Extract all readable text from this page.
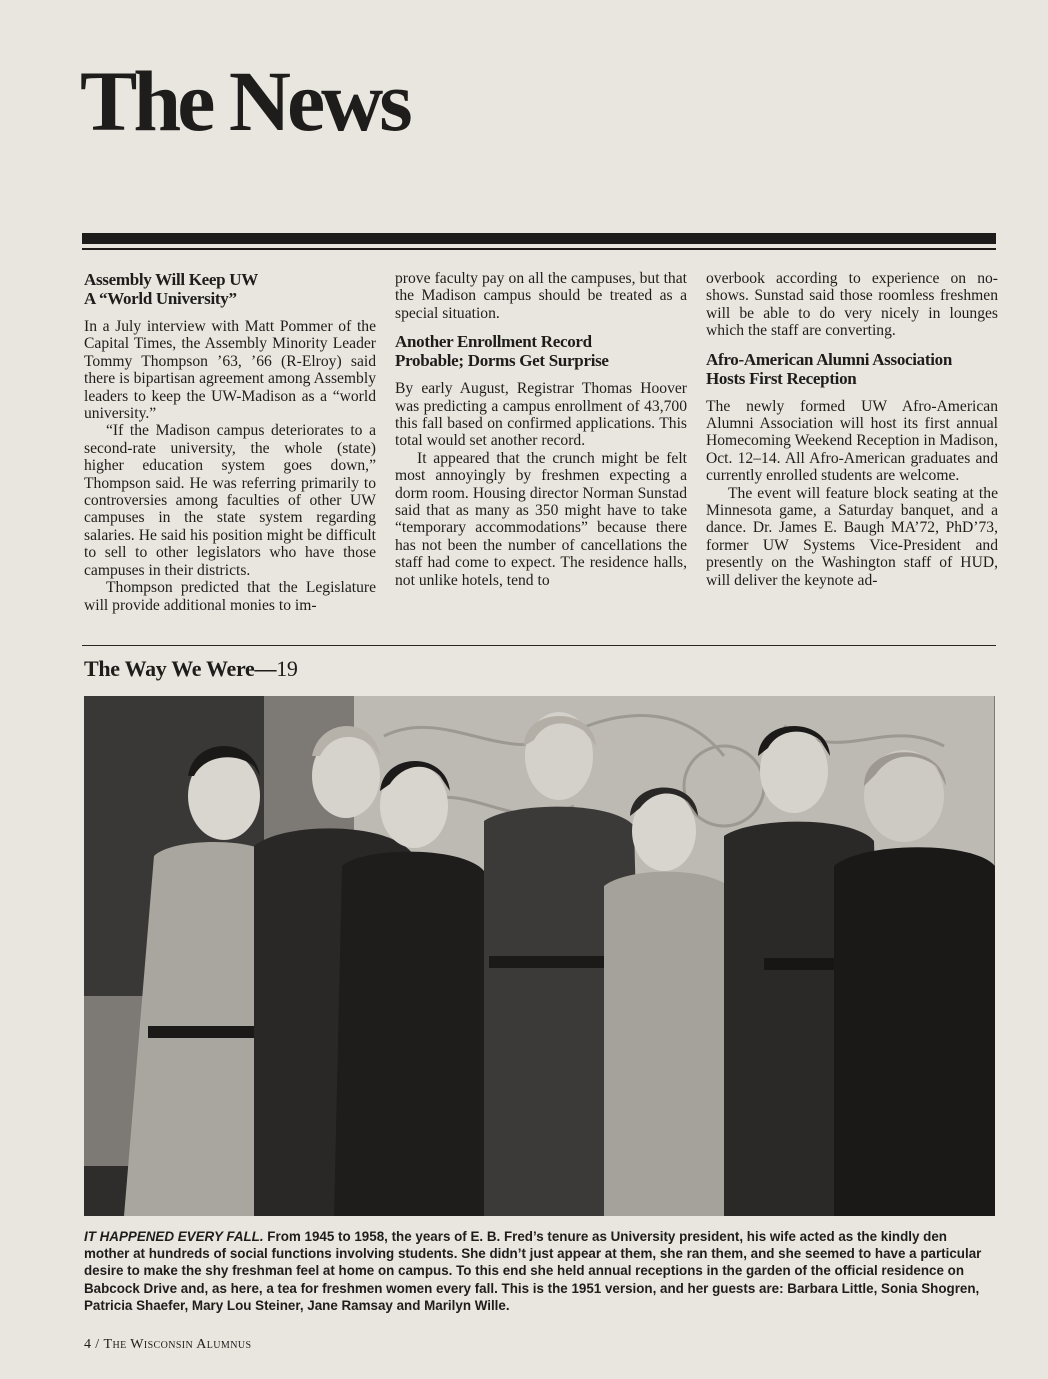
The News
Assembly Will Keep UW
A “World University”

In a July interview with Matt Pommer of the Capital Times, the Assembly Minority Leader Tommy Thompson ’63, ’66 (R-Elroy) said there is bipartisan agreement among Assembly leaders to keep the UW-Madison as a “world university.”

“If the Madison campus deteriorates to a second-rate university, the whole (state) higher education system goes down,” Thompson said. He was referring primarily to controversies among faculties of other UW campuses in the state system regarding salaries. He said his position might be difficult to sell to other legislators who have those campuses in their districts.

Thompson predicted that the Legislature will provide additional monies to im-

prove faculty pay on all the campuses, but that the Madison campus should be treated as a special situation.

Another Enrollment Record
Probable; Dorms Get Surprise

By early August, Registrar Thomas Hoover was predicting a campus enrollment of 43,700 this fall based on confirmed applications. This total would set another record.

It appeared that the crunch might be felt most annoyingly by freshmen expecting a dorm room. Housing director Norman Sunstad said that as many as 350 might have to take “temporary accommodations” because there has not been the number of cancellations the staff had come to expect. The residence halls, not unlike hotels, tend to

overbook according to experience on no-shows. Sunstad said those roomless freshmen will be able to do very nicely in lounges which the staff are converting.

Afro-American Alumni Association
Hosts First Reception

The newly formed UW Afro-American Alumni Association will host its first annual Homecoming Weekend Reception in Madison, Oct. 12–14. All Afro-American graduates and currently enrolled students are welcome.

The event will feature block seating at the Minnesota game, a Saturday banquet, and a dance. Dr. James E. Baugh MA’72, PhD’73, former UW Systems Vice-President and presently on the Washington staff of HUD, will deliver the keynote ad-

The Way We Were—19

IT HAPPENED EVERY FALL. From 1945 to 1958, the years of E. B. Fred’s tenure as University president, his wife acted as the kindly den mother at hundreds of social functions involving students. She didn’t just appear at them, she ran them, and she seemed to have a particular desire to make the shy freshman feel at home on campus. To this end she held annual receptions in the garden of the official residence on Babcock Drive and, as here, a tea for freshmen women every fall. This is the 1951 version, and her guests are: Barbara Little, Sonia Shogren, Patricia Shaefer, Mary Lou Steiner, Jane Ramsay and Marilyn Wille.

4 / The Wisconsin Alumnus
